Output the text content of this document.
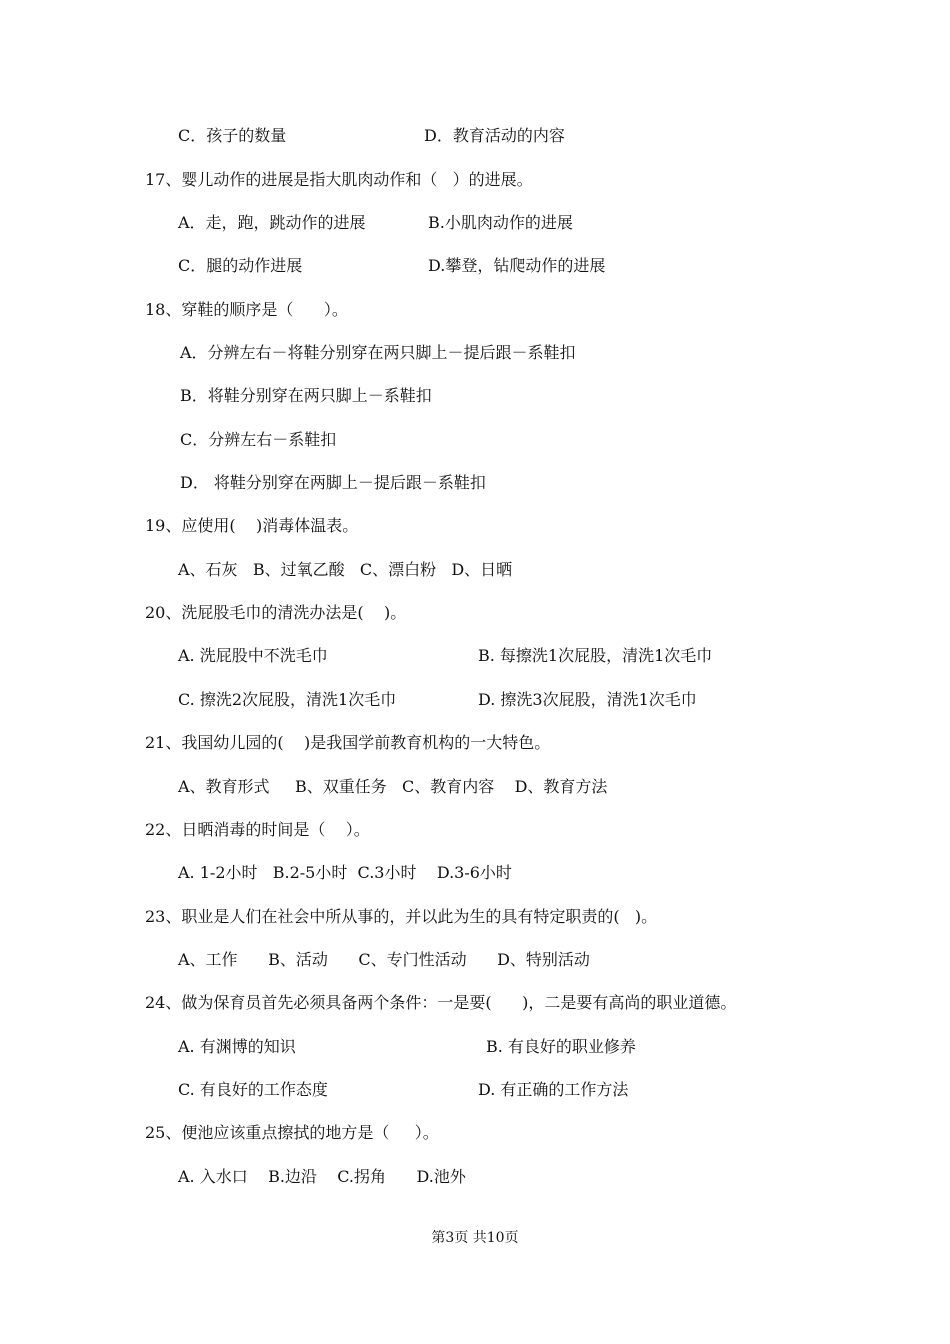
C．孩子的数量

	D．教育活动的内容

17、婴儿动作的进展是指大肌肉动作和（   ）的进展。

A．走，跑，跳动作的进展

	B.小肌肉动作的进展

C．腿的动作进展

	D.攀登，钻爬动作的进展

18、穿鞋的顺序是（      ）。
A．分辨左右－将鞋分别穿在两只脚上－提后跟－系鞋扣
B．将鞋分别穿在两只脚上－系鞋扣
C．分辨左右－系鞋扣
D． 将鞋分别穿在两脚上－提后跟－系鞋扣
19、应使用(    )消毒体温表。
A、石灰   B、过氧乙酸   C、漂白粉   D、日晒
20、洗屁股毛巾的清洗办法是(    )。

A. 洗屁股中不洗毛巾

	B. 每擦洗1次屁股，清洗1次毛巾

C. 擦洗2次屁股，清洗1次毛巾

	D. 擦洗3次屁股，清洗1次毛巾

21、我国幼儿园的(    )是我国学前教育机构的一大特色。
A、教育形式     B、双重任务   C、教育内容    D、教育方法
22、日晒消毒的时间是（    ）。
A. 1-2小时   B.2-5小时  C.3小时    D.3-6小时
23、职业是人们在社会中所从事的，并以此为生的具有特定职责的(   )。
A、工作      B、活动      C、专门性活动      D、特别活动
24、做为保育员首先必须具备两个条件：一是要(      )，二是要有高尚的职业道德。

A. 有渊博的知识

	B. 有良好的职业修养

C. 有良好的工作态度

	D. 有正确的工作方法

25、便池应该重点擦拭的地方是（     ）。
A. 入水口    B.边沿    C.拐角      D.池外
第3页 共10页
